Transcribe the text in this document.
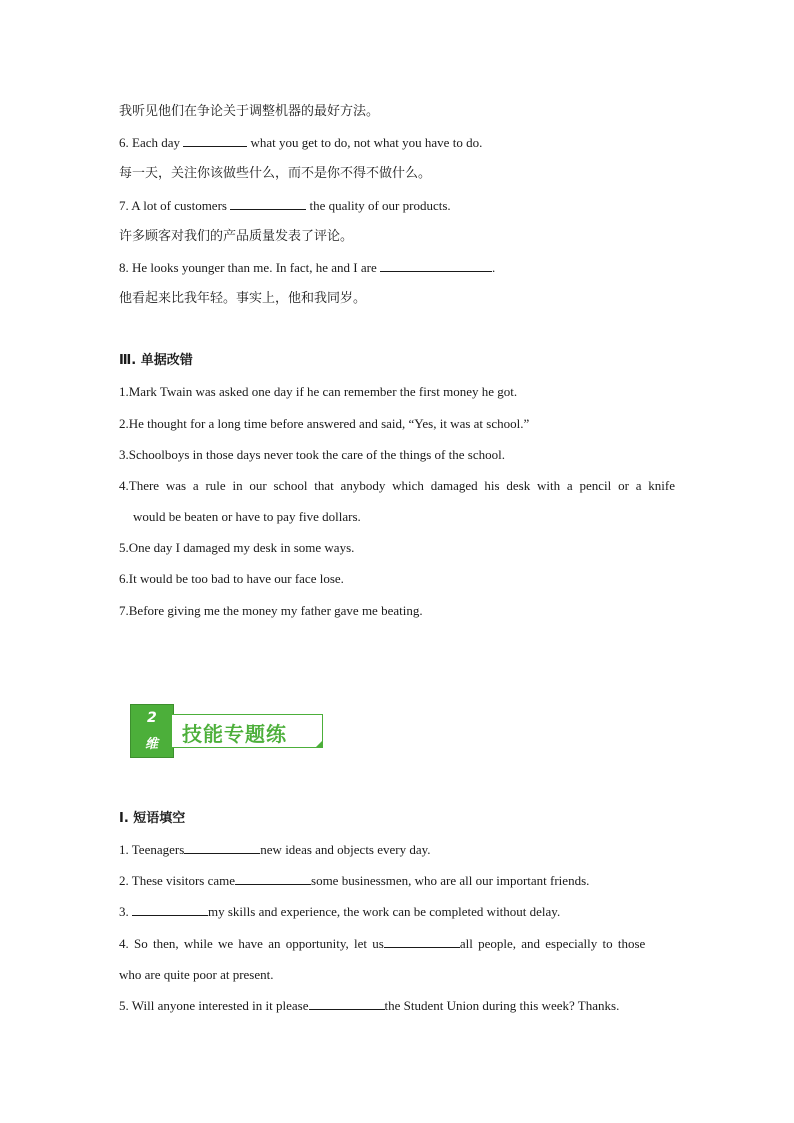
我听见他们在争论关于调整机器的最好方法。
6. Each day	what you get to do, not what you have to do.
每一天，关注你该做些什么，而不是你不得不做什么。
7. A lot of customers	the quality of our products.
许多顾客对我们的产品质量发表了评论。
8. He looks younger than me. In fact, he and I are	.
他看起来比我年轻。事实上，他和我同岁。
Ⅲ. 单据改错
1.Mark Twain was asked one day if he can remember the first money he got.
2.He thought for a long time before answered and said, “Yes, it was at school.”
3.Schoolboys in those days never took the care of the things of the school.
4.There was a rule in our school that anybody which damaged his desk with a pencil or a knife
would be beaten or have to pay five dollars.
5.One day I damaged my desk in some ways.
6.It would be too bad to have our face lose.
7.Before giving me the money my father gave me beating.
I. 短语填空
1. Teenagers	new ideas and objects every day.
2. These visitors came	some businessmen, who are all our important friends.
3.	my skills and experience, the work can be completed without delay.
4. So then, while we have an opportunity, let us	all people, and especially to those
who are quite poor at present.
5. Will anyone interested in it please	the Student Union during this week? Thanks.
2
维 技能专题练
